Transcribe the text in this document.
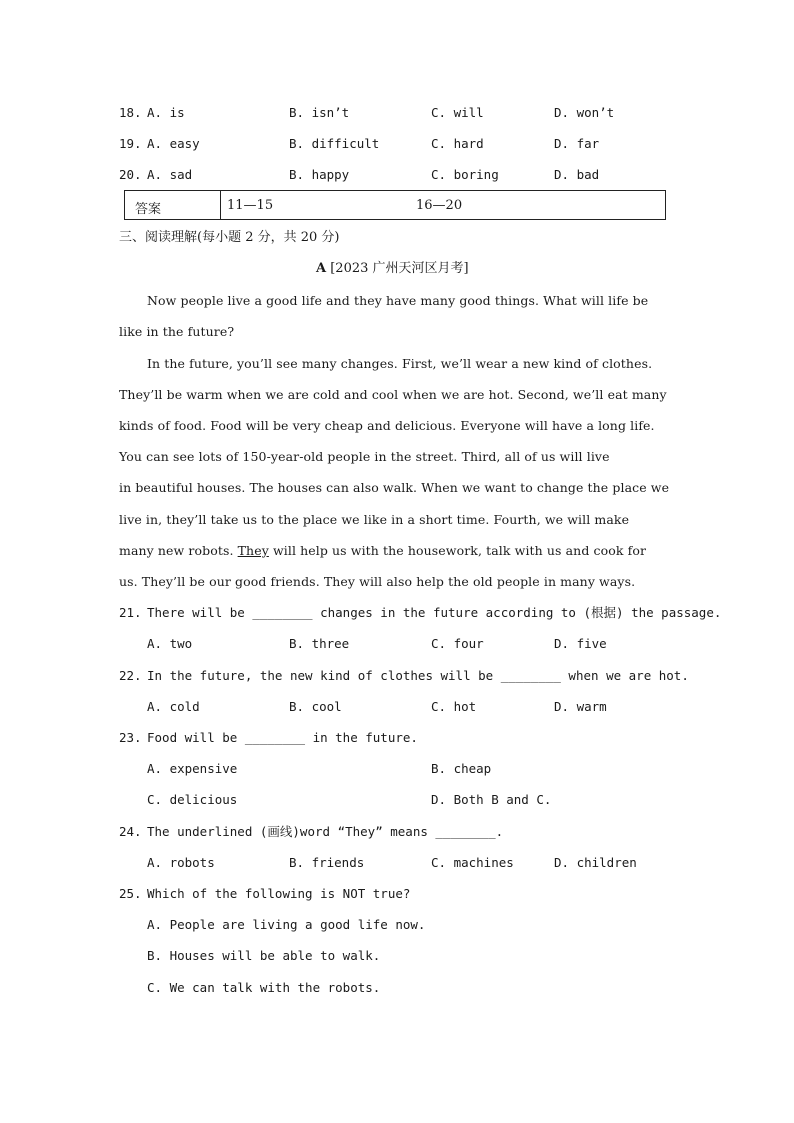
18. A. is	B. isn’t	C. will	D. won’t
19. A. easy	B. difficult	C. hard	D. far
20. A. sad	B. happy	C. boring	D. bad
答案	11—15	16—20
三、阅读理解(每小题 2 分，共 20 分)
A [2023 广州天河区月考]
Now people live a good life and they have many good things. What will life be
like in the future?
In the future, you’ll see many changes. First, we’ll wear a new kind of clothes.
They’ll be warm when we are cold and cool when we are hot. Second, we’ll eat many
kinds of food. Food will be very cheap and delicious. Everyone will have a long life.
You can see lots of 150-year-old people in the street. Third, all of us will live
in beautiful houses. The houses can also walk. When we want to change the place we
live in, they’ll take us to the place we like in a short time. Fourth, we will make
many new robots. They will help us with the housework, talk with us and cook for
us. They’ll be our good friends. They will also help the old people in many ways.
21. There will be ________ changes in the future according to (根据) the passage.
A. two	B. three	C. four	D. five
22. In the future, the new kind of clothes will be ________ when we are hot.
A. cold	B. cool	C. hot	D. warm
23. Food will be ________ in the future.
A. expensive	B. cheap
C. delicious	D. Both B and C.
24. The underlined (画线)word “They” means ________.
A. robots	B. friends	C. machines	D. children
25. Which of the following is NOT true?
A. People are living a good life now.
B. Houses will be able to walk.
C. We can talk with the robots.
